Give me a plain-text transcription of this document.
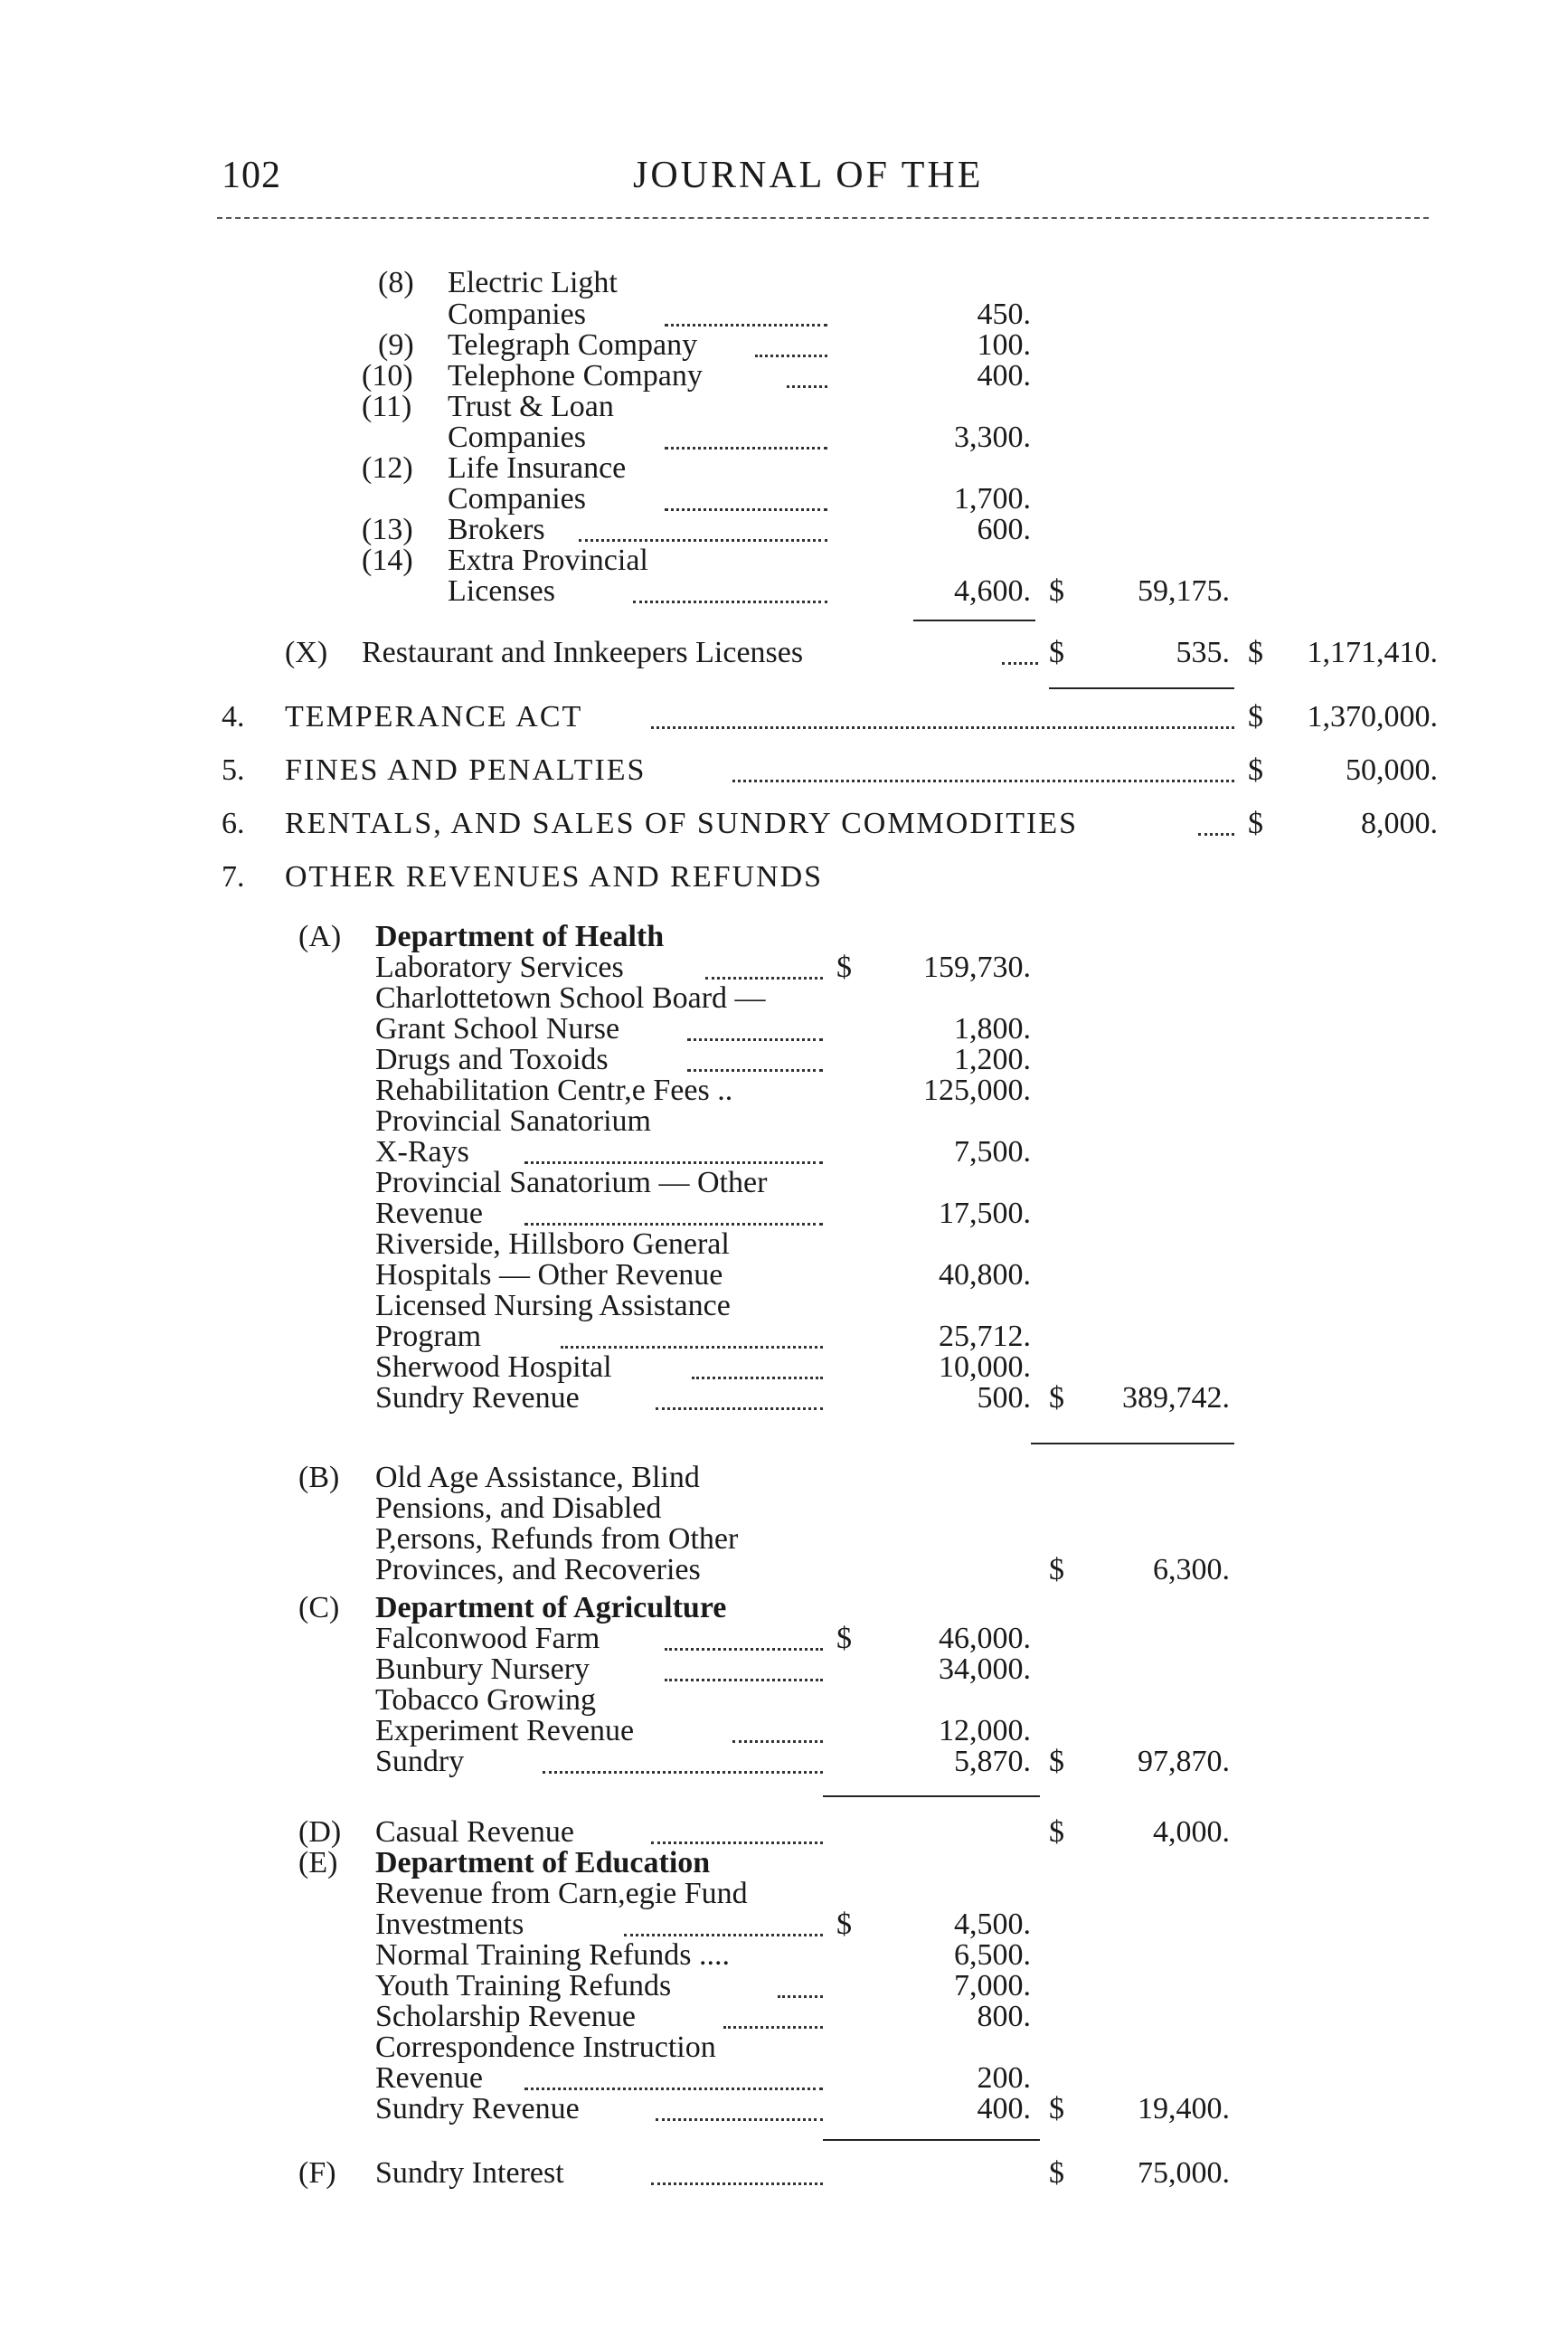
102	JOURNAL OF THE
(8) Electric Light
Companies	450.
(9) Telegraph Company	100.
(10) Telephone Company	400.
(11) Trust & Loan
Companies	3,300.
(12) Life Insurance
Companies	1,700.
(13) Brokers	600.
(14) Extra Provincial
Licenses	4,600. $	59,175.
(X) Restaurant and Innkeepers Licenses	$	535. $	1,171,410.
4. TEMPERANCE ACT	$	1,370,000.
5. FINES AND PENALTIES	$	50,000.
6. RENTALS, AND SALES OF SUNDRY COMMODITIES	$	8,000.
7. OTHER REVENUES AND REFUNDS
(A) Department of Health
Laboratory Services	$	159,730.
Charlottetown School Board —
Grant School Nurse	1,800.
Drugs and Toxoids	1,200.
Rehabilitation Centr,e Fees ..	125,000.
Provincial Sanatorium
X-Rays	7,500.
Provincial Sanatorium — Other
Revenue	17,500.
Riverside, Hillsboro General
Hospitals — Other Revenue	40,800.
Licensed Nursing Assistance
Program	25,712.
Sherwood Hospital	10,000.
Sundry Revenue	500. $	389,742.
(B) Old Age Assistance, Blind
Pensions, and Disabled
P,ersons, Refunds from Other
Provinces, and Recoveries	$	6,300.
(C) Department of Agriculture
Falconwood Farm	$	46,000.
Bunbury Nursery	34,000.
Tobacco Growing
Experiment Revenue	12,000.
Sundry	5,870. $	97,870.
(D) Casual Revenue	$	4,000.
(E) Department of Education
Revenue from Carn,egie Fund
Investments	$	4,500.
Normal Training Refunds ....	6,500.
Youth Training Refunds	7,000.
Scholarship Revenue	800.
Correspondence Instruction
Revenue	200.
Sundry Revenue	400. $	19,400.
(F) Sundry Interest	$	75,000.
